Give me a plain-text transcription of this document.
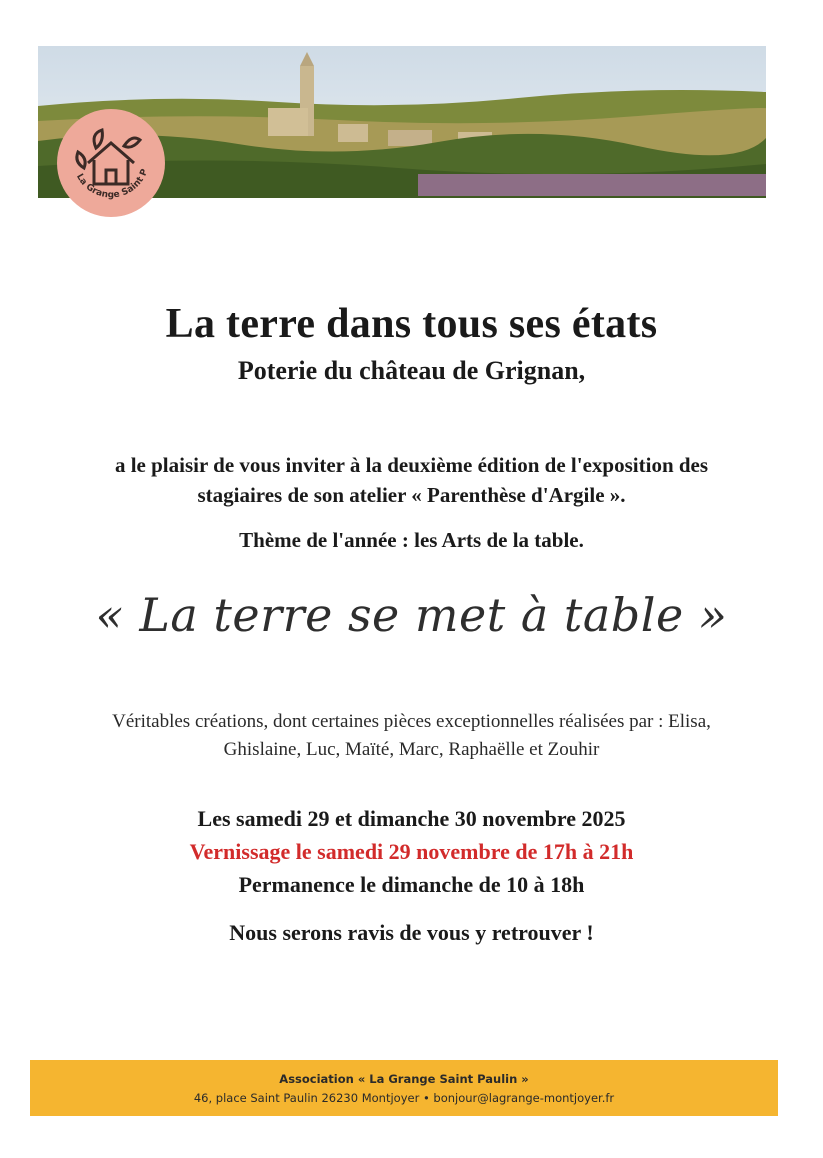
La Grange Saint P
La terre dans tous ses états
Poterie du château de Grignan,
a le plaisir de vous inviter à la deuxième édition de l'exposition des
stagiaires de son atelier « Parenthèse d'Argile ».
Thème de l'année : les Arts de la table.
« La terre se met à table »
Véritables créations, dont certaines pièces exceptionnelles réalisées par : Elisa,
Ghislaine, Luc, Maïté, Marc, Raphaëlle et Zouhir
Les samedi 29 et dimanche 30 novembre 2025
Vernissage le samedi 29 novembre de 17h à 21h
Permanence le dimanche de 10 à 18h
Nous serons ravis de vous y retrouver !
Association « La Grange Saint Paulin »
46, place Saint Paulin 26230 Montjoyer • bonjour@lagrange-montjoyer.fr
